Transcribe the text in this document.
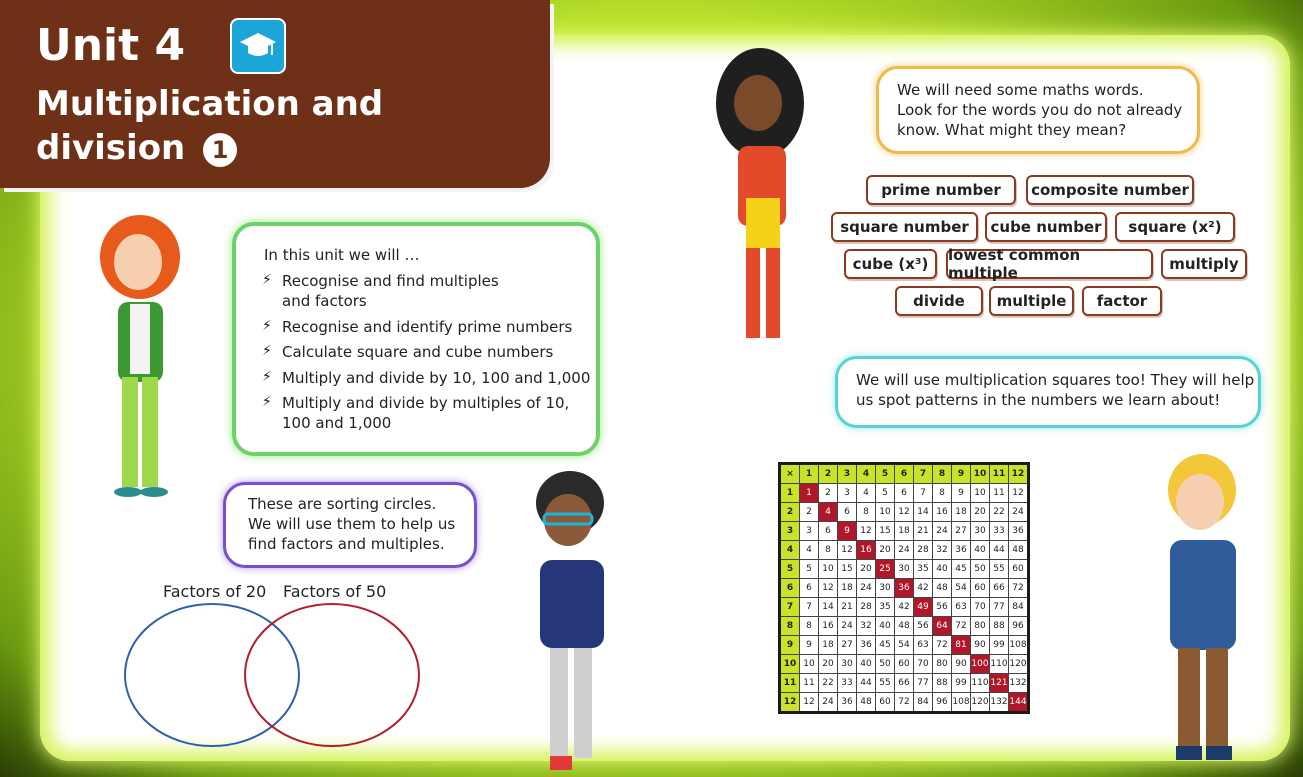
Unit 4
Multiplication and division 1
In this unit we will …
⚡ Recognise and find multiples
and factors
⚡ Recognise and identify prime numbers
⚡ Calculate square and cube numbers
⚡ Multiply and divide by 10, 100 and 1,000
⚡ Multiply and divide by multiples of 10,
100 and 1,000
These are sorting circles.
We will use them to help us
find factors and multiples.
Factors of 20 Factors of 50
We will need some maths words.
Look for the words you do not already
know. What might they mean?
prime number	composite number
square number	cube number	square (x²)
cube (x³)	lowest common multiple	multiply
divide	multiple	factor
We will use multiplication squares too! They will help
us spot patterns in the numbers we learn about!
×	1	2	3	4	5	6	7	8	9	10	11	12
1	1	2	3	4	5	6	7	8	9	10	11	12
2	2	4	6	8	10	12	14	16	18	20	22	24
3	3	6	9	12	15	18	21	24	27	30	33	36
4	4	8	12	16	20	24	28	32	36	40	44	48
5	5	10	15	20	25	30	35	40	45	50	55	60
6	6	12	18	24	30	36	42	48	54	60	66	72
7	7	14	21	28	35	42	49	56	63	70	77	84
8	8	16	24	32	40	48	56	64	72	80	88	96
9	9	18	27	36	45	54	63	72	81	90	99	108
10	10	20	30	40	50	60	70	80	90	100	110	120
11	11	22	33	44	55	66	77	88	99	110	121	132
12	12	24	36	48	60	72	84	96	108	120	132	144
